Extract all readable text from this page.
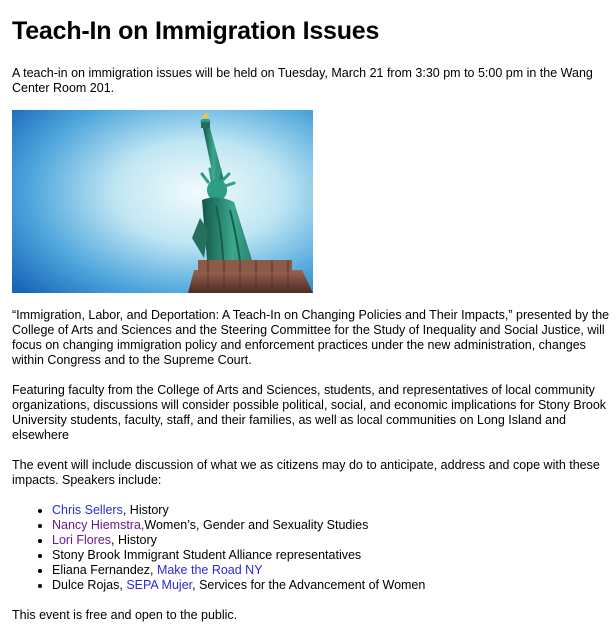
Teach-In on Immigration Issues

A teach-in on immigration issues will be held on Tuesday, March 21 from 3:30 pm to 5:00 pm in the Wang Center Room 201.

“Immigration, Labor, and Deportation: A Teach-In on Changing Policies and Their Impacts,” presented by the College of Arts and Sciences and the Steering Committee for the Study of Inequality and Social Justice, will focus on changing immigration policy and enforcement practices under the new administration, changes within Congress and to the Supreme Court.

Featuring faculty from the College of Arts and Sciences, students, and representatives of local community organizations, discussions will consider possible political, social, and economic implications for Stony Brook University students, faculty, staff, and their families, as well as local communities on Long Island and elsewhere

The event will include discussion of what we as citizens may do to anticipate, address and cope with these impacts. Speakers include:

• Chris Sellers, History
• Nancy Hiemstra,Women’s, Gender and Sexuality Studies
• Lori Flores, History
• Stony Brook Immigrant Student Alliance representatives
• Eliana Fernandez, Make the Road NY
• Dulce Rojas, SEPA Mujer, Services for the Advancement of Women

This event is free and open to the public.
